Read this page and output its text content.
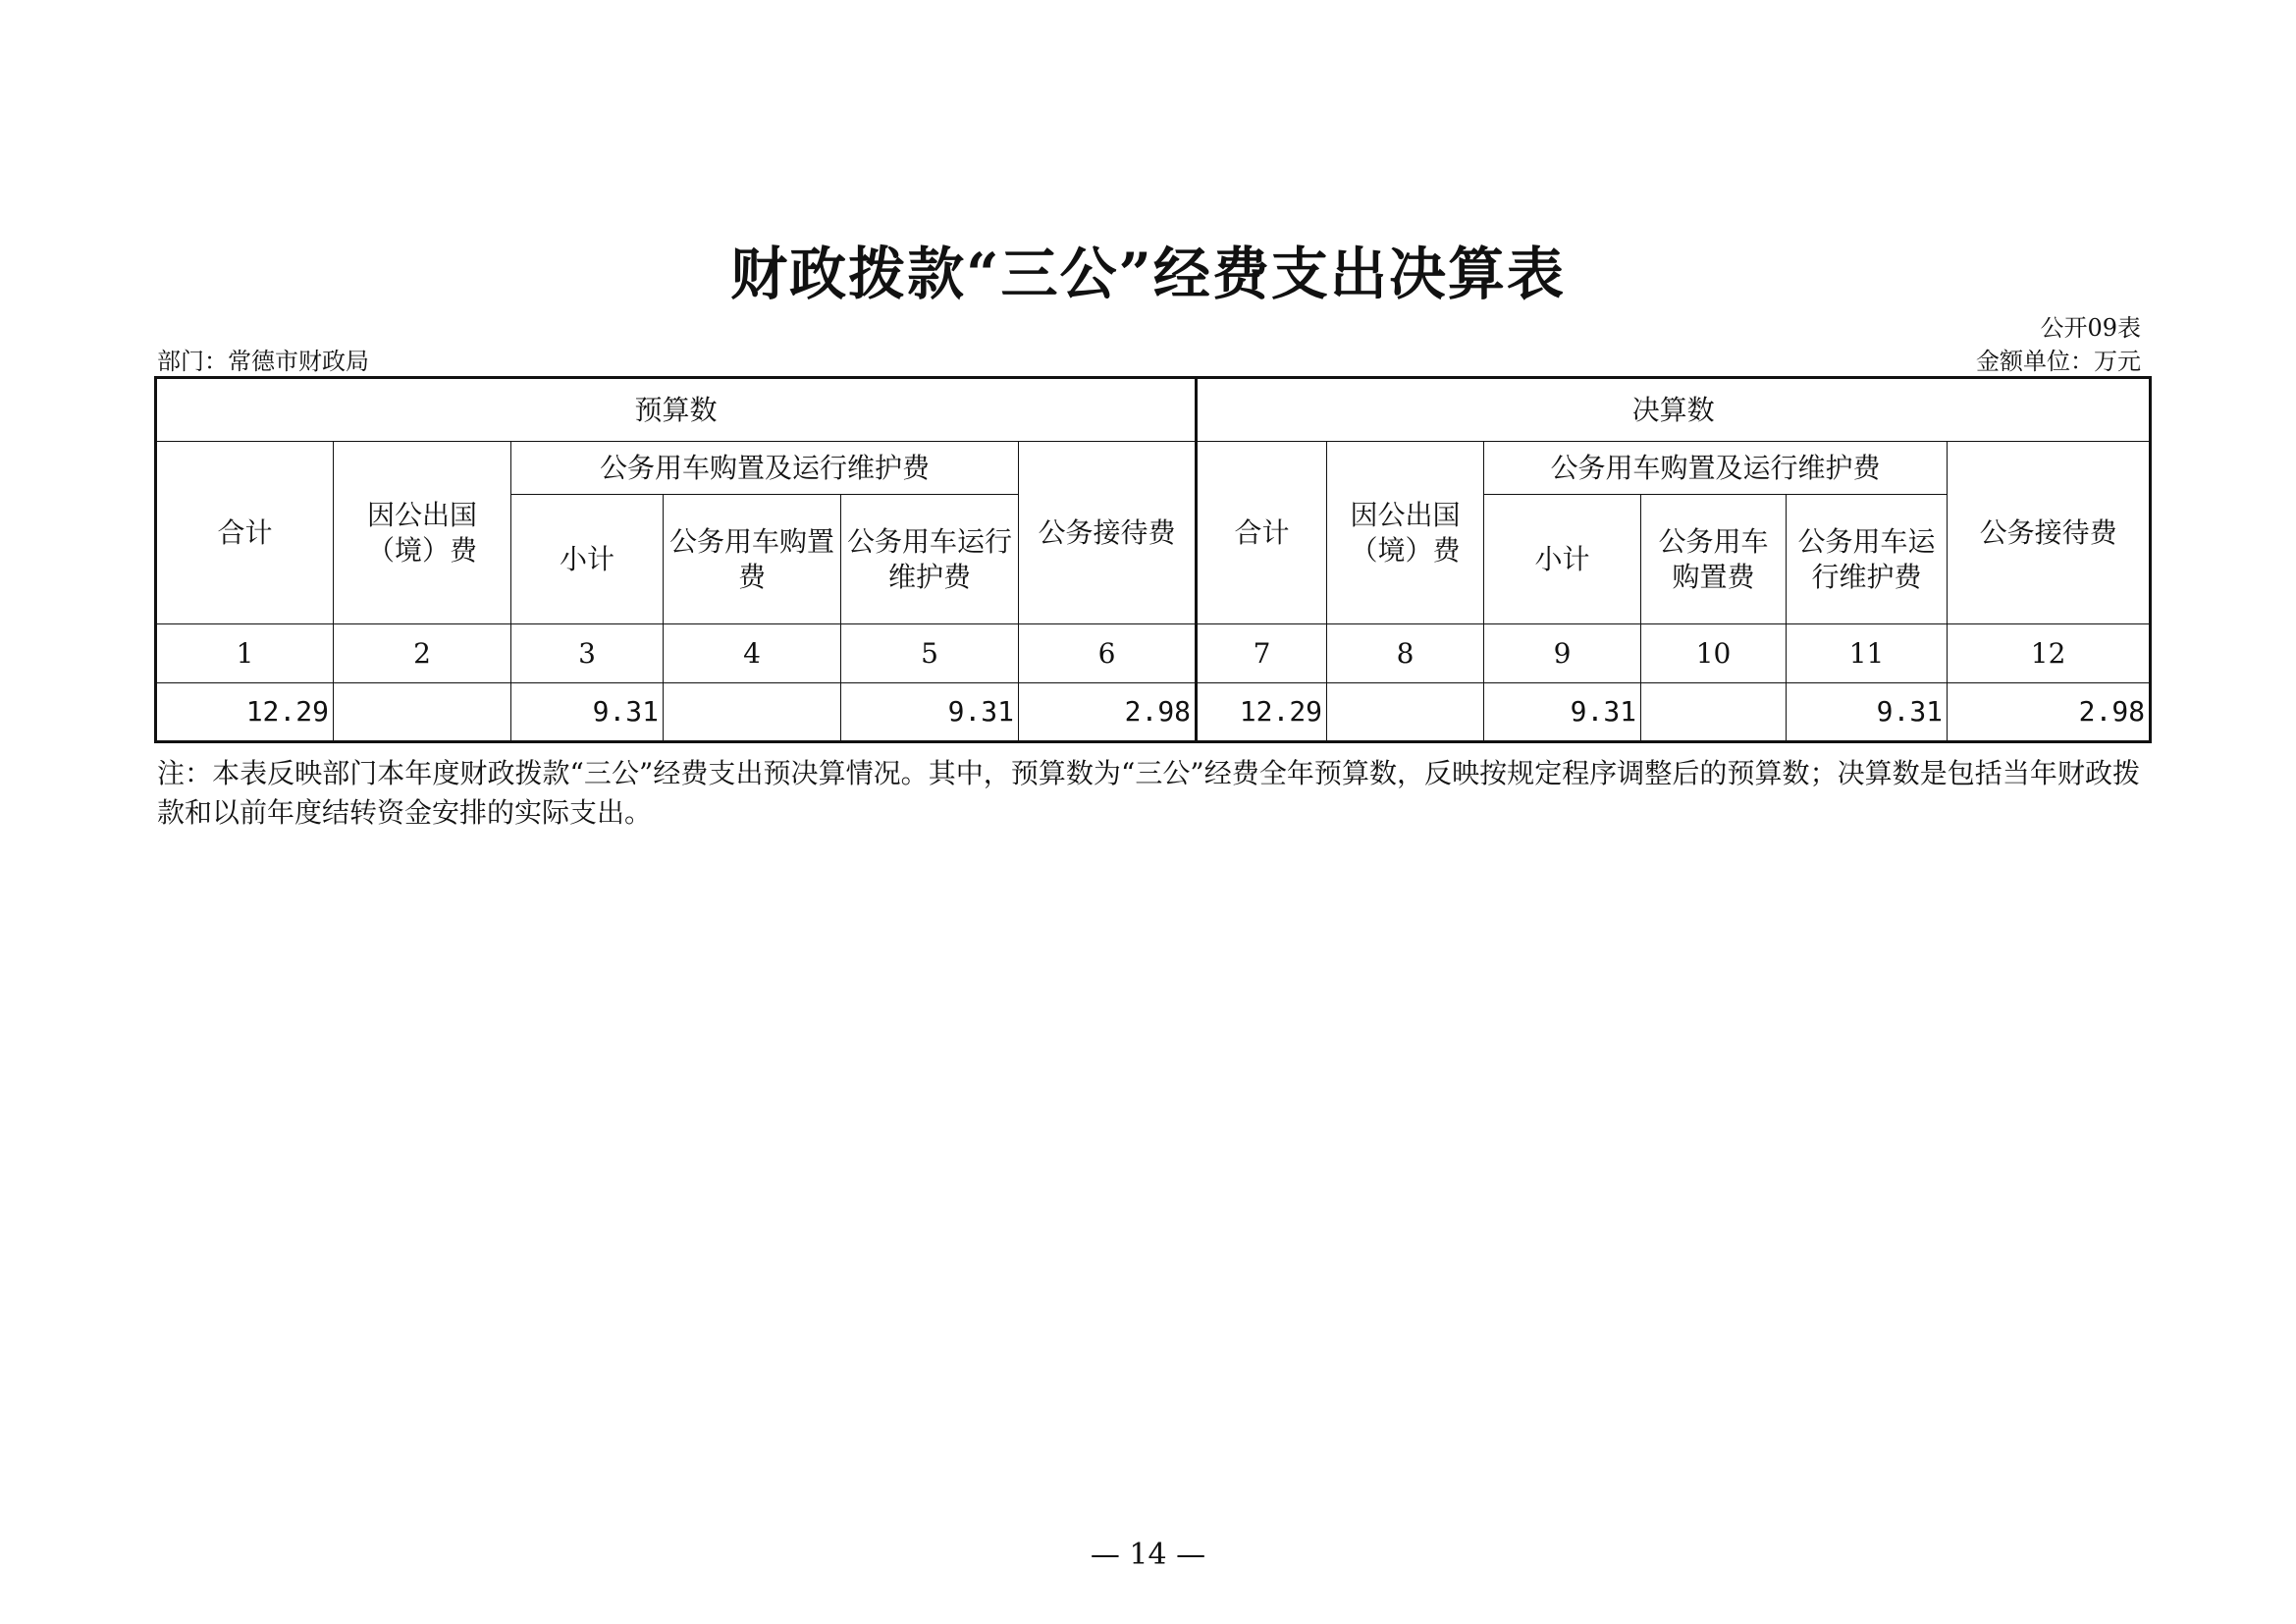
财政拨款“三公”经费支出决算表
公开09表
部门：常德市财政局	金额单位：万元
预算数						决算数					
合计	因公出国（境）费	公务用车购置及运行维护费			公务接待费	合计	因公出国（境）费	公务用车购置及运行维护费			公务接待费
		小计	公务用车购置费	公务用车运行维护费				小计	公务用车购置费	公务用车运行维护费	
1	2	3	4	5	6	7	8	9	10	11	12
12.29		9.31		9.31	2.98	12.29		9.31		9.31	2.98
注：本表反映部门本年度财政拨款“三公”经费支出预决算情况。其中，预算数为“三公”经费全年预算数，反映按规定程序调整后的预算数；决算数是包括当年财政拨款和以前年度结转资金安排的实际支出。
— 14 —
